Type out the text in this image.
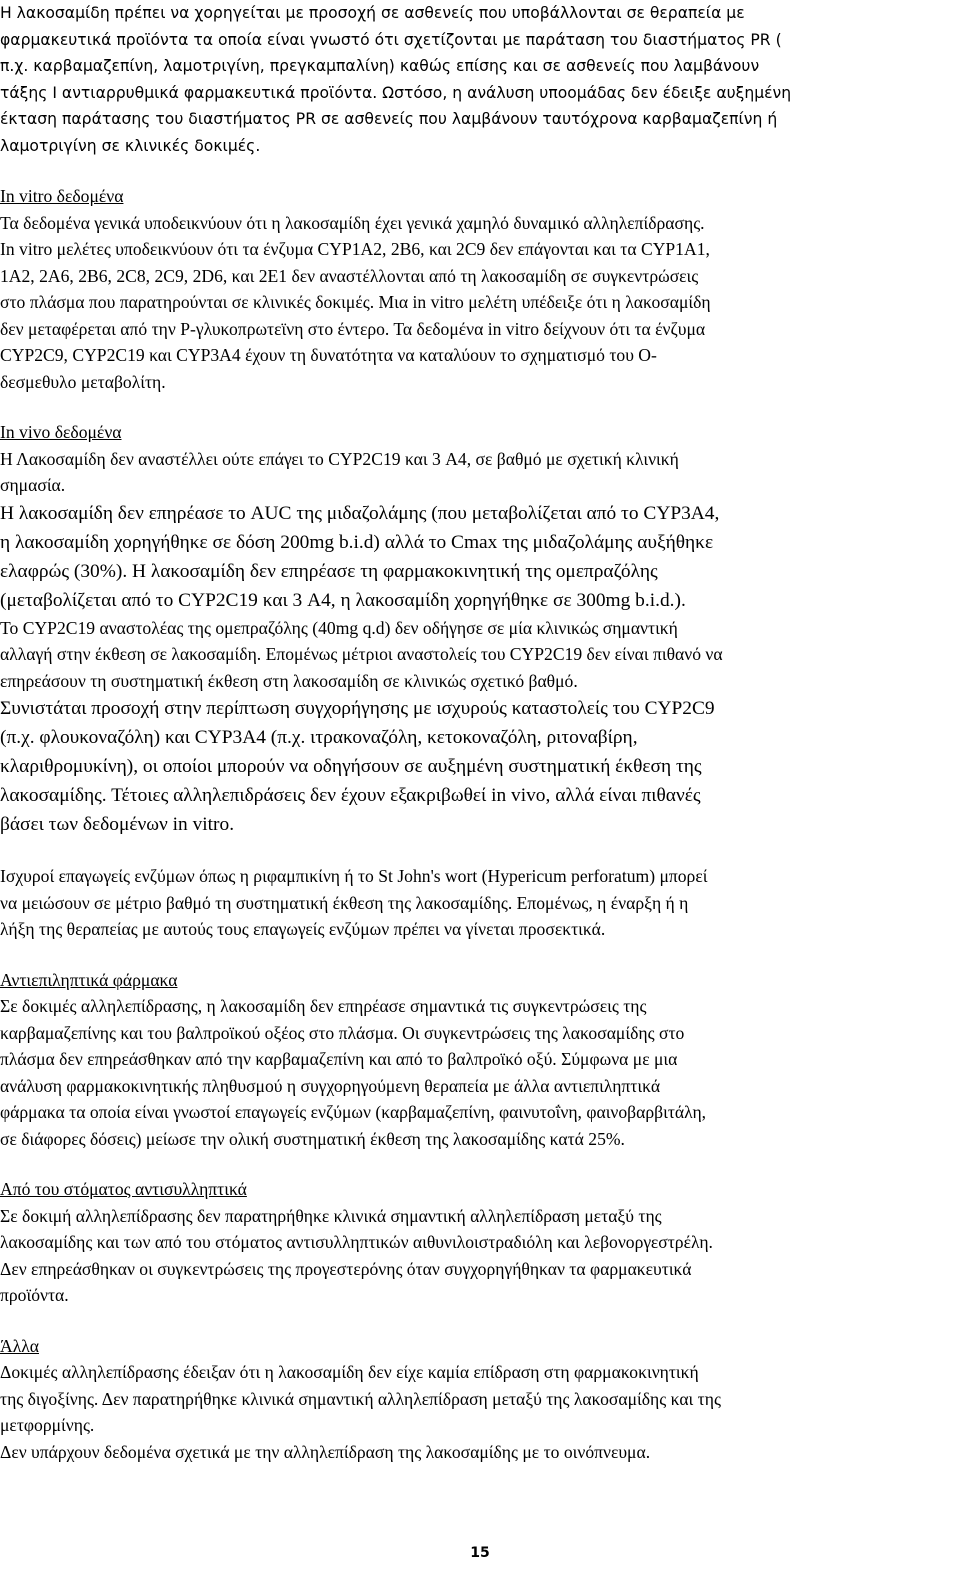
Η λακοσαμίδη πρέπει να χορηγείται με προσοχή σε ασθενείς που υποβάλλονται σε θεραπεία με
φαρμακευτικά προϊόντα τα οποία είναι γνωστό ότι σχετίζονται με παράταση του διαστήματος PR (
π.χ. καρβαμαζεπίνη, λαμοτριγίνη, πρεγκαμπαλίνη) καθώς επίσης και σε ασθενείς που λαμβάνουν
τάξης I αντιαρρυθμικά φαρμακευτικά προϊόντα. Ωστόσο, η ανάλυση υποομάδας δεν έδειξε αυξημένη
έκταση παράτασης του διαστήματος PR σε ασθενείς που λαμβάνουν ταυτόχρονα καρβαμαζεπίνη ή
λαμοτριγίνη σε κλινικές δοκιμές.
In vitro δεδομένα
Τα δεδομένα γενικά υποδεικνύουν ότι η λακοσαμίδη έχει γενικά χαμηλό δυναμικό αλληλεπίδρασης.
In vitro μελέτες υποδεικνύουν ότι τα ένζυμα CYP1A2, 2B6, και 2C9 δεν επάγονται και τα CYP1A1,
1A2, 2A6, 2B6, 2C8, 2C9, 2D6, και 2E1 δεν αναστέλλονται από τη λακοσαμίδη σε συγκεντρώσεις
στο πλάσμα που παρατηρούνται σε κλινικές δοκιμές. Μια in vitro μελέτη υπέδειξε ότι η λακοσαμίδη
δεν μεταφέρεται από την P-γλυκοπρωτεϊνη στο έντερο. Τα δεδομένα in vitro δείχνουν ότι τα ένζυμα
CYP2C9, CYP2C19 και CYP3A4 έχουν τη δυνατότητα να καταλύουν το σχηματισμό του O-
δεσμεθυλο μεταβολίτη.
In vivo δεδομένα
Η Λακοσαμίδη δεν αναστέλλει ούτε επάγει το CYP2C19 και 3 A4, σε βαθμό με σχετική κλινική
σημασία.
Η λακοσαμίδη δεν επηρέασε το AUC της μιδαζολάμης (που μεταβολίζεται από το CYP3A4,
η λακοσαμίδη χορηγήθηκε σε δόση 200mg b.i.d) αλλά το Cmax της μιδαζολάμης αυξήθηκε
ελαφρώς (30%). Η λακοσαμίδη δεν επηρέασε τη φαρμακοκινητική της ομεπραζόλης
(μεταβολίζεται από το CYP2C19 και 3 A4, η λακοσαμίδη χορηγήθηκε σε 300mg b.i.d.).
Το CYP2C19 αναστολέας της ομεπραζόλης (40mg q.d) δεν οδήγησε σε μία κλινικώς σημαντική
αλλαγή στην έκθεση σε λακοσαμίδη. Επομένως μέτριοι αναστολείς του CYP2C19 δεν είναι πιθανό να
επηρεάσουν τη συστηματική έκθεση στη λακοσαμίδη σε κλινικώς σχετικό βαθμό.
Συνιστάται προσοχή στην περίπτωση συγχορήγησης με ισχυρούς καταστολείς του CYP2C9
(π.χ. φλουκοναζόλη) και CYP3A4 (π.χ. ιτρακοναζόλη, κετοκοναζόλη, ριτοναβίρη,
κλαριθρομυκίνη), οι οποίοι μπορούν να οδηγήσουν σε αυξημένη συστηματική έκθεση της
λακοσαμίδης. Τέτοιες αλληλεπιδράσεις δεν έχουν εξακριβωθεί in vivo, αλλά είναι πιθανές
βάσει των δεδομένων in vitro.
Ισχυροί επαγωγείς ενζύμων όπως η ριφαμπικίνη ή το St John's wort (Hypericum perforatum) μπορεί
να μειώσουν σε μέτριο βαθμό τη συστηματική έκθεση της λακοσαμίδης. Επομένως, η έναρξη ή η
λήξη της θεραπείας με αυτούς τους επαγωγείς ενζύμων πρέπει να γίνεται προσεκτικά.
Αντιεπιληπτικά φάρμακα
Σε δοκιμές αλληλεπίδρασης, η λακοσαμίδη δεν επηρέασε σημαντικά τις συγκεντρώσεις της
καρβαμαζεπίνης και του βαλπροϊκού οξέος στο πλάσμα. Οι συγκεντρώσεις της λακοσαμίδης στο
πλάσμα δεν επηρεάσθηκαν από την καρβαμαζεπίνη και από το βαλπροϊκό οξύ. Σύμφωνα με μια
ανάλυση φαρμακοκινητικής πληθυσμού η συγχορηγούμενη θεραπεία με άλλα αντιεπιληπτικά
φάρμακα τα οποία είναι γνωστοί επαγωγείς ενζύμων (καρβαμαζεπίνη, φαινυτοΐνη, φαινοβαρβιτάλη,
σε διάφορες δόσεις) μείωσε την ολική συστηματική έκθεση της λακοσαμίδης κατά 25%.
Από του στόματος αντισυλληπτικά
Σε δοκιμή αλληλεπίδρασης δεν παρατηρήθηκε κλινικά σημαντική αλληλεπίδραση μεταξύ της
λακοσαμίδης και των από του στόματος αντισυλληπτικών αιθυνιλοιστραδιόλη και λεβονοργεστρέλη.
Δεν επηρεάσθηκαν οι συγκεντρώσεις της προγεστερόνης όταν συγχορηγήθηκαν τα φαρμακευτικά
προϊόντα.
Άλλα
Δοκιμές αλληλεπίδρασης έδειξαν ότι η λακοσαμίδη δεν είχε καμία επίδραση στη φαρμακοκινητική
της διγοξίνης. Δεν παρατηρήθηκε κλινικά σημαντική αλληλεπίδραση μεταξύ της λακοσαμίδης και της
μετφορμίνης.
Δεν υπάρχουν δεδομένα σχετικά με την αλληλεπίδραση της λακοσαμίδης με το οινόπνευμα.
15
